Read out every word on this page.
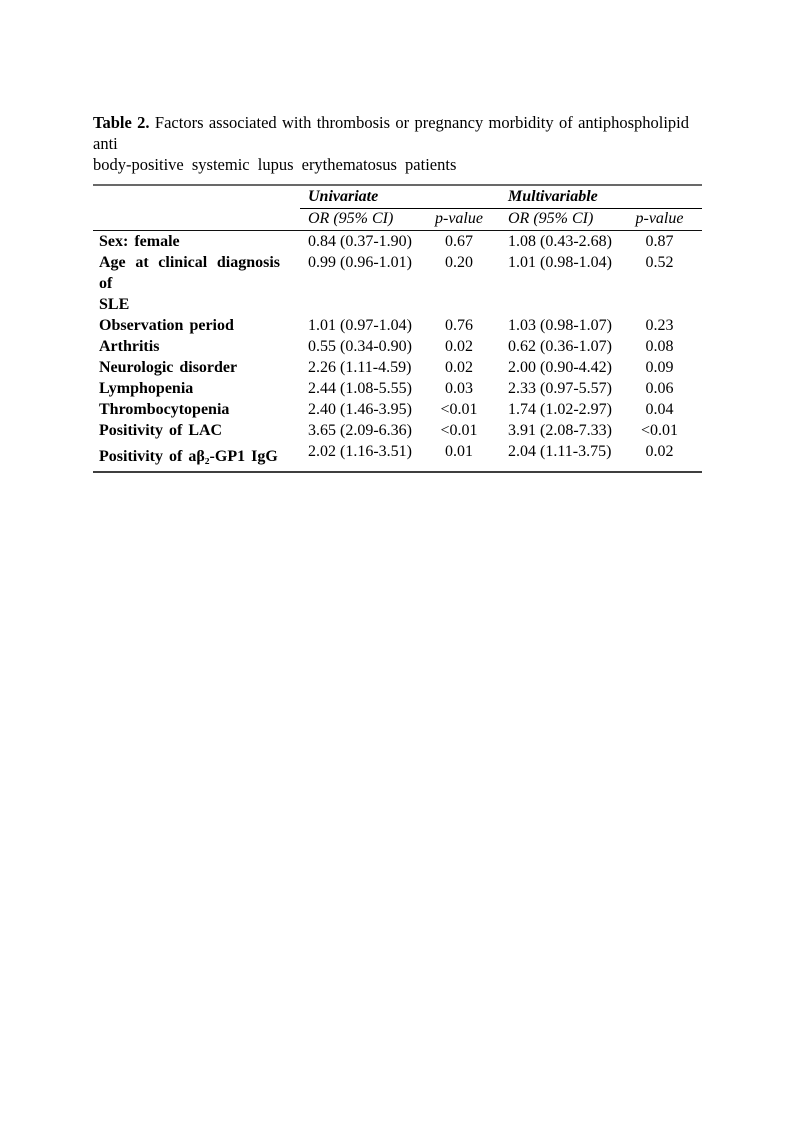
Table 2. Factors associated with thrombosis or pregnancy morbidity of antiphospholipid anti
body-positive systemic lupus erythematosus patients
	Univariate		Multivariable	
	OR (95% CI)	p-value	OR (95% CI)	p-value

Sex: female	0.84 (0.37-1.90)	0.67	1.08 (0.43-2.68)	0.87

Age at clinical diagnosis of
SLE	0.99 (0.96-1.01)	0.20	1.01 (0.98-1.04)	0.52

Observation period	1.01 (0.97-1.04)	0.76	1.03 (0.98-1.07)	0.23

Arthritis	0.55 (0.34-0.90)	0.02	0.62 (0.36-1.07)	0.08

Neurologic disorder	2.26 (1.11-4.59)	0.02	2.00 (0.90-4.42)	0.09

Lymphopenia	2.44 (1.08-5.55)	0.03	2.33 (0.97-5.57)	0.06

Thrombocytopenia	2.40 (1.46-3.95)	<0.01	1.74 (1.02-2.97)	0.04

Positivity of LAC	3.65 (2.09-6.36)	<0.01	3.91 (2.08-7.33)	<0.01

Positivity of aβ₂-GP1 IgG	2.02 (1.16-3.51)	0.01	2.04 (1.11-3.75)	0.02
